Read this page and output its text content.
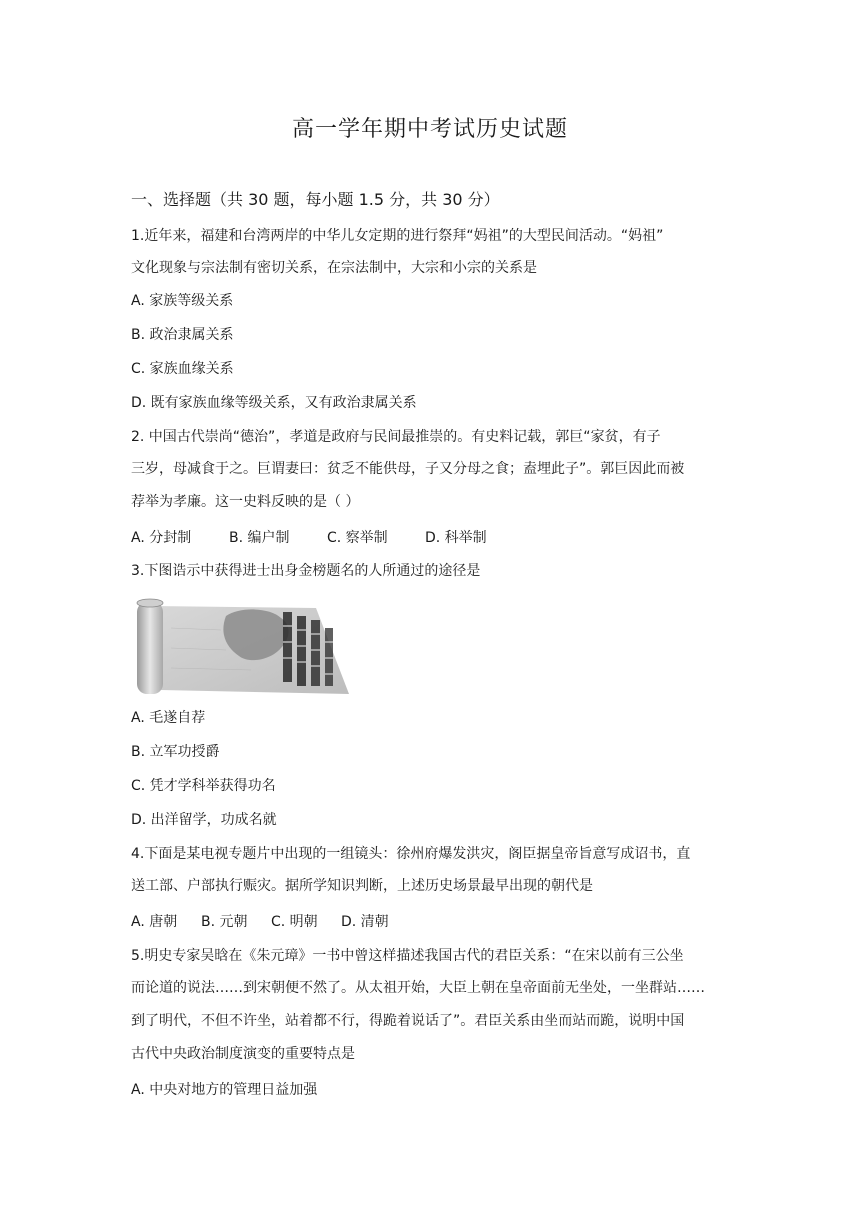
高一学年期中考试历史试题
一、选择题（共 30 题，每小题 1.5 分，共 30 分）
1.近年来，福建和台湾两岸的中华儿女定期的进行祭拜“妈祖”的大型民间活动。“妈祖”
文化现象与宗法制有密切关系，在宗法制中，大宗和小宗的关系是
A. 家族等级关系
B. 政治隶属关系
C. 家族血缘关系
D. 既有家族血缘等级关系，又有政治隶属关系
2. 中国古代崇尚“德治”，孝道是政府与民间最推崇的。有史料记载，郭巨“家贫，有子
三岁，母减食于之。巨谓妻曰：贫乏不能供母，子又分母之食；盍埋此子”。郭巨因此而被
荐举为孝廉。这一史料反映的是（ ）
A. 分封制	B. 编户制	C. 察举制	D. 科举制
3.下图诰示中获得进士出身金榜题名的人所通过的途径是
A. 毛遂自荐
B. 立军功授爵
C. 凭才学科举获得功名
D. 出洋留学，功成名就
4.下面是某电视专题片中出现的一组镜头：徐州府爆发洪灾，阁臣据皇帝旨意写成诏书，直
送工部、户部执行赈灾。据所学知识判断，上述历史场景最早出现的朝代是
A. 唐朝 B. 元朝 C. 明朝 D. 清朝
5.明史专家吴晗在《朱元璋》一书中曾这样描述我国古代的君臣关系：“在宋以前有三公坐
而论道的说法……到宋朝便不然了。从太祖开始，大臣上朝在皇帝面前无坐处，一坐群站……
到了明代，不但不许坐，站着都不行，得跪着说话了”。君臣关系由坐而站而跪，说明中国
古代中央政治制度演变的重要特点是
A. 中央对地方的管理日益加强
